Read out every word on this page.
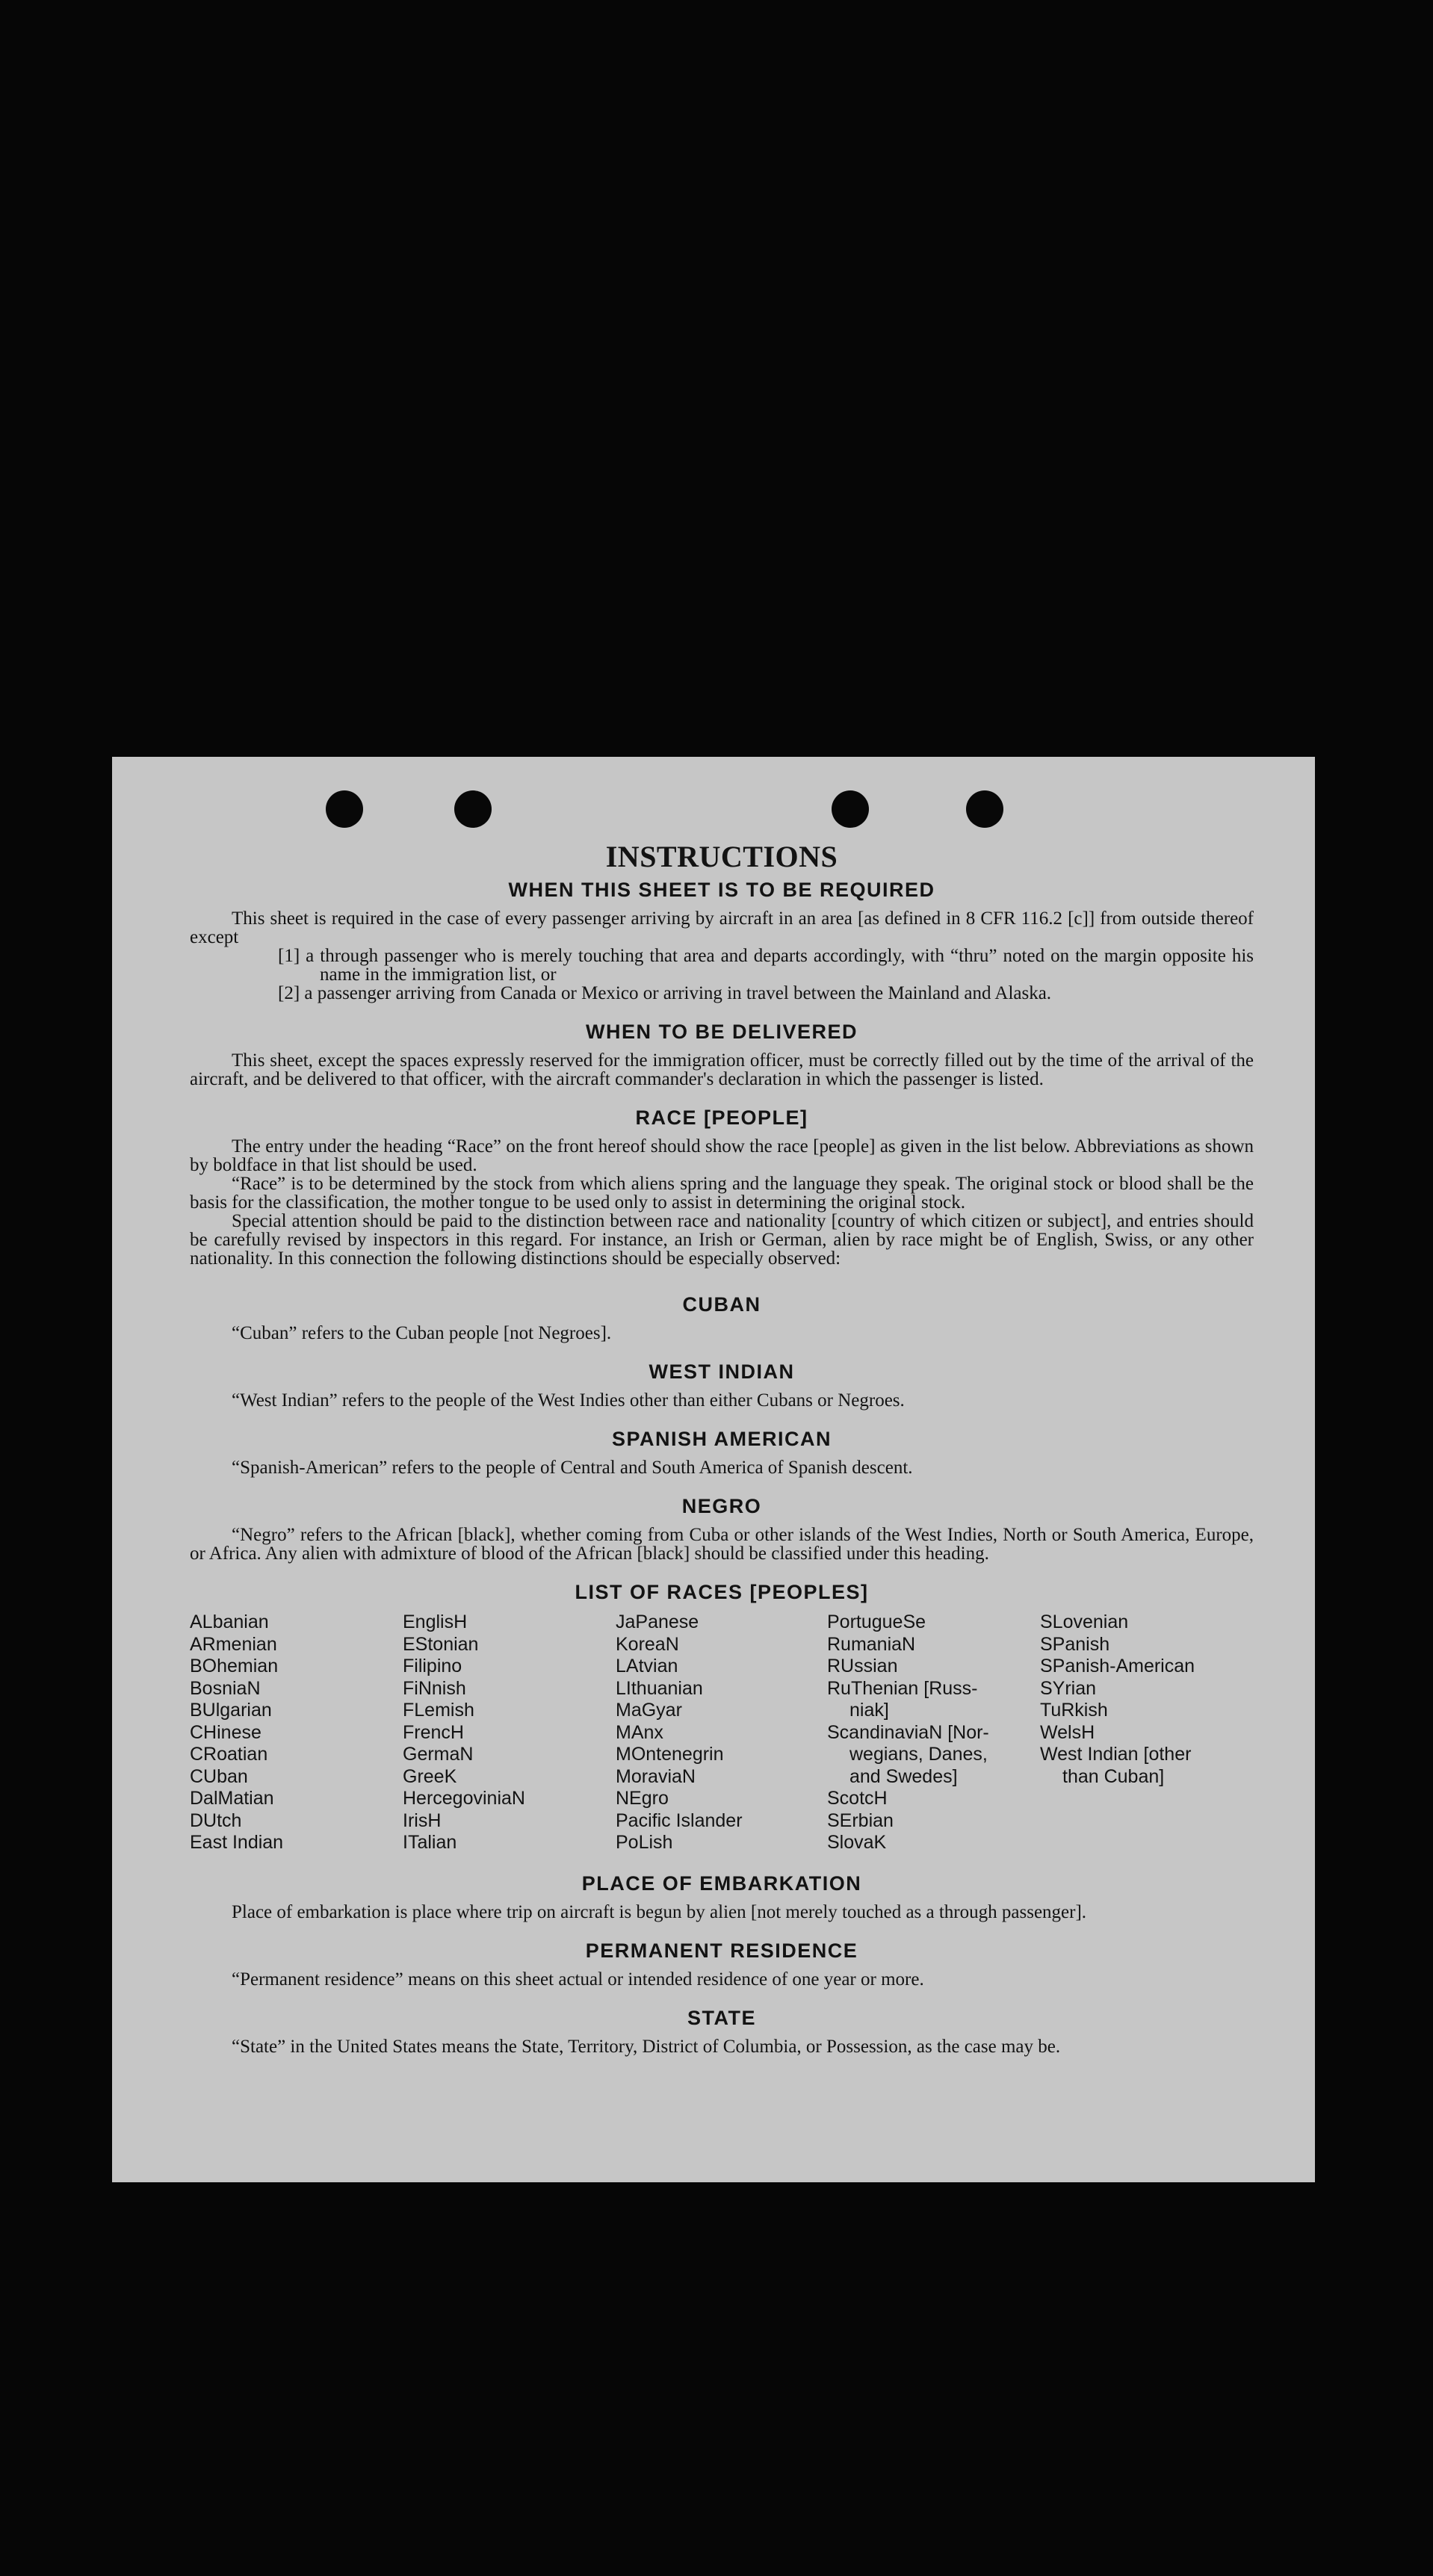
INSTRUCTIONS
WHEN THIS SHEET IS TO BE REQUIRED

This sheet is required in the case of every passenger arriving by aircraft in an area [as defined in 8 CFR 116.2 [c]] from outside thereof except

[1] a through passenger who is merely touching that area and departs accordingly, with “thru” noted on the margin opposite his name in the immigration list, or

[2] a passenger arriving from Canada or Mexico or arriving in travel between the Mainland and Alaska.

WHEN TO BE DELIVERED

This sheet, except the spaces expressly reserved for the immigration officer, must be correctly filled out by the time of the arrival of the aircraft, and be delivered to that officer, with the aircraft commander's declaration in which the passenger is listed.

RACE [PEOPLE]

The entry under the heading “Race” on the front hereof should show the race [people] as given in the list below. Abbreviations as shown by boldface in that list should be used.

“Race” is to be determined by the stock from which aliens spring and the language they speak. The original stock or blood shall be the basis for the classification, the mother tongue to be used only to assist in determining the original stock.

Special attention should be paid to the distinction between race and nationality [country of which citizen or subject], and entries should be carefully revised by inspectors in this regard. For instance, an Irish or German, alien by race might be of English, Swiss, or any other nationality. In this connection the following distinctions should be especially observed:

CUBAN

“Cuban” refers to the Cuban people [not Negroes].

WEST INDIAN

“West Indian” refers to the people of the West Indies other than either Cubans or Negroes.

SPANISH AMERICAN

“Spanish-American” refers to the people of Central and South America of Spanish descent.

NEGRO

“Negro” refers to the African [black], whether coming from Cuba or other islands of the West Indies, North or South America, Europe, or Africa. Any alien with admixture of blood of the African [black] should be classified under this heading.

LIST OF RACES [PEOPLES]
ALbanian
ARmenian
BOhemian
BosniaN
BUlgarian
CHinese
CRoatian
CUban
DalMatian
DUtch
East Indian
EnglisH
EStonian
Filipino
FiNnish
FLemish
FrencH
GermaN
GreeK
HercegoviniaN
IrisH
ITalian
JaPanese
KoreaN
LAtvian
LIthuanian
MaGyar
MAnx
MOntenegrin
MoraviaN
NEgro
Pacific Islander
PoLish
PortugueSe
RumaniaN
RUssian
RuThenian [Russ-
niak]
ScandinaviaN [Nor-
wegians, Danes,
and Swedes]
ScotcH
SErbian
SlovaK
SLovenian
SPanish
SPanish-American
SYrian
TuRkish
WelsH
West Indian [other
than Cuban]
PLACE OF EMBARKATION

Place of embarkation is place where trip on aircraft is begun by alien [not merely touched as a through passenger].

PERMANENT RESIDENCE

“Permanent residence” means on this sheet actual or intended residence of one year or more.

STATE

“State” in the United States means the State, Territory, District of Columbia, or Possession, as the case may be.
